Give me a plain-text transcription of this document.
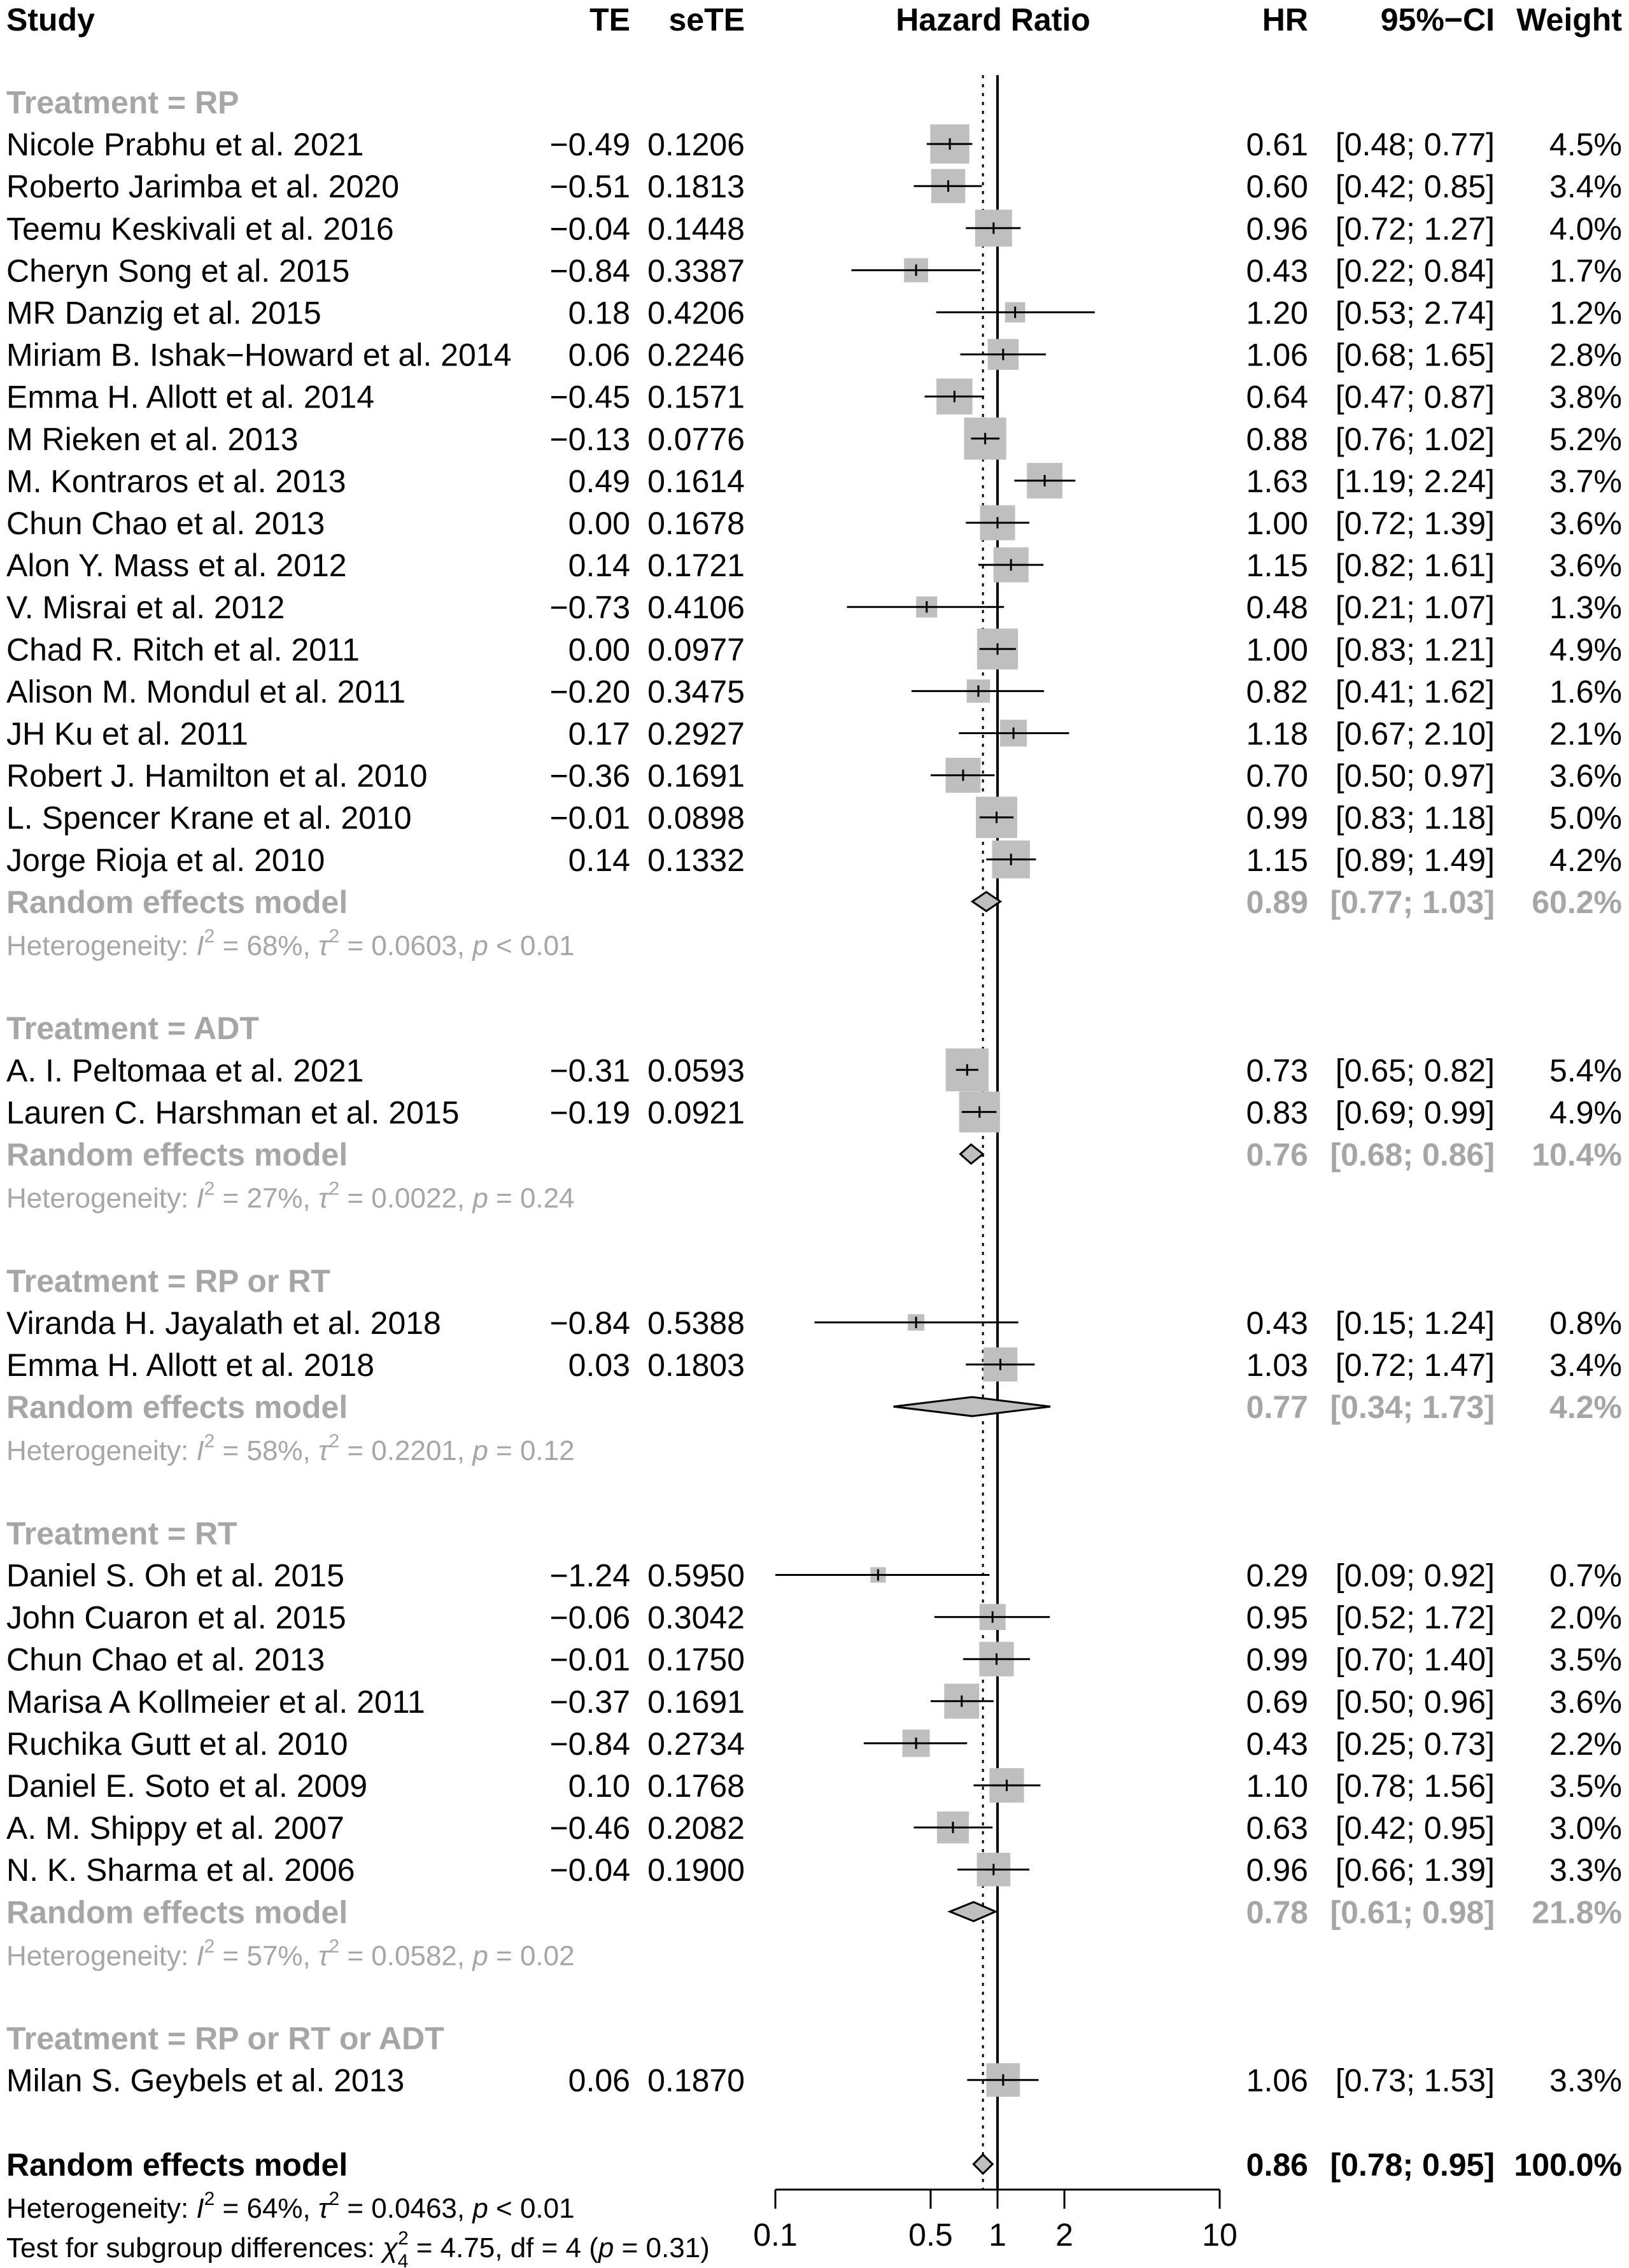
Study	TE seTE	Hazard Ratio	HR 95%−CI Weight
Treatment = RP
Nicole Prabhu et al. 2021	−0.49 0.1206	0.61 [0.48; 0.77] 4.5%
Roberto Jarimba et al. 2020	−0.51 0.1813	0.60 [0.42; 0.85] 3.4%
Teemu Keskivali et al. 2016	−0.04 0.1448	0.96 [0.72; 1.27] 4.0%
Cheryn Song et al. 2015	−0.84 0.3387	0.43 [0.22; 0.84] 1.7%
MR Danzig et al. 2015	0.18 0.4206	1.20 [0.53; 2.74] 1.2%
Miriam B. Ishak−Howard et al. 2014 0.06 0.2246	1.06 [0.68; 1.65] 2.8%
Emma H. Allott et al. 2014	−0.45 0.1571	0.64 [0.47; 0.87] 3.8%
M Rieken et al. 2013	−0.13 0.0776	0.88 [0.76; 1.02] 5.2%
M. Kontraros et al. 2013	0.49 0.1614	1.63 [1.19; 2.24] 3.7%
Chun Chao et al. 2013	0.00 0.1678	1.00 [0.72; 1.39] 3.6%
Alon Y. Mass et al. 2012	0.14 0.1721	1.15 [0.82; 1.61] 3.6%
V. Misrai et al. 2012	−0.73 0.4106	0.48 [0.21; 1.07] 1.3%
Chad R. Ritch et al. 2011	0.00 0.0977	1.00 [0.83; 1.21] 4.9%
Alison M. Mondul et al. 2011	−0.20 0.3475	0.82 [0.41; 1.62] 1.6%
JH Ku et al. 2011	0.17 0.2927	1.18 [0.67; 2.10] 2.1%
Robert J. Hamilton et al. 2010	−0.36 0.1691	0.70 [0.50; 0.97] 3.6%
L. Spencer Krane et al. 2010	−0.01 0.0898	0.99 [0.83; 1.18] 5.0%
Jorge Rioja et al. 2010	0.14 0.1332	1.15 [0.89; 1.49] 4.2%
Random effects model	0.89 [0.77; 1.03] 60.2%
Heterogeneity: $I^2 = 68\%$, $\tau^2 = 0.0603$, p < 0.01
Treatment = ADT
A. I. Peltomaa et al. 2021	−0.31 0.0593	0.73 [0.65; 0.82] 5.4%
Lauren C. Harshman et al. 2015	−0.19 0.0921	0.83 [0.69; 0.99] 4.9%
Random effects model	0.76 [0.68; 0.86] 10.4%
Heterogeneity: $I^2 = 27\%$, $\tau^2 = 0.0022$, p = 0.24
Treatment = RP or RT
Viranda H. Jayalath et al. 2018	−0.84 0.5388	0.43 [0.15; 1.24] 0.8%
Emma H. Allott et al. 2018	0.03 0.1803	1.03 [0.72; 1.47] 3.4%
Random effects model	0.77 [0.34; 1.73] 4.2%
Heterogeneity: $I^2 = 58\%$, $\tau^2 = 0.2201$, p = 0.12
Treatment = RT
Daniel S. Oh et al. 2015	−1.24 0.5950	0.29 [0.09; 0.92] 0.7%
John Cuaron et al. 2015	−0.06 0.3042	0.95 [0.52; 1.72] 2.0%
Chun Chao et al. 2013	−0.01 0.1750	0.99 [0.70; 1.40] 3.5%
Marisa A Kollmeier et al. 2011	−0.37 0.1691	0.69 [0.50; 0.96] 3.6%
Ruchika Gutt et al. 2010	−0.84 0.2734	0.43 [0.25; 0.73] 2.2%
Daniel E. Soto et al. 2009	0.10 0.1768	1.10 [0.78; 1.56] 3.5%
A. M. Shippy et al. 2007	−0.46 0.2082	0.63 [0.42; 0.95] 3.0%
N. K. Sharma et al. 2006	−0.04 0.1900	0.96 [0.66; 1.39] 3.3%
Random effects model	0.78 [0.61; 0.98] 21.8%
Heterogeneity: $I^2 = 57\%$, $\tau^2 = 0.0582$, p = 0.02
Treatment = RP or RT or ADT
Milan S. Geybels et al. 2013	0.06 0.1870	1.06 [0.73; 1.53] 3.3%
Random effects model	0.86 [0.78; 0.95] 100.0%
Heterogeneity: $I^2 = 64\%$, $\tau^2 = 0.0463$, p < 0.01
Test for subgroup differences: $\chi^2$ 4 = 4.75, df = 4 (p = 0.31) 0.1	0.5 1 2	10
